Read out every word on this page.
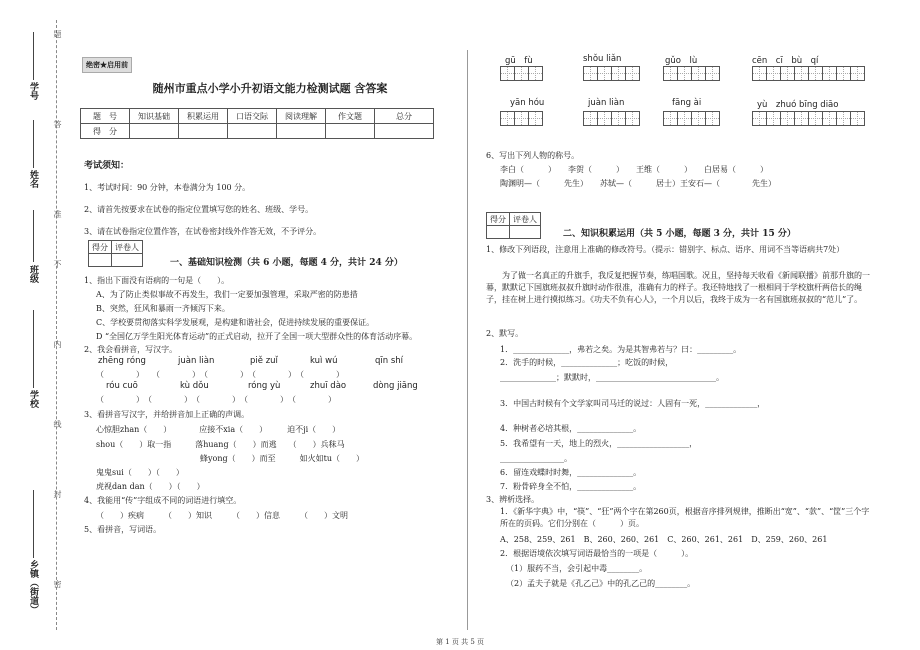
学号
姓名
班级
学校
乡镇（街道）
题
答
准
不
内
线
封
密
绝密★启用前
随州市重点小学小升初语文能力检测试题 含答案
题　号	知识基础	积累运用	口语交际	阅读理解	作文题	总分
得　分						
考试须知：
1、考试时间：90 分钟，本卷满分为 100 分。
2、请首先按要求在试卷的指定位置填写您的姓名、班级、学号。
3、请在试卷指定位置作答，在试卷密封线外作答无效，不予评分。
得分	评卷人

一、基础知识检测（共 6 小题，每题 4 分，共计 24 分）
1、指出下面没有语病的一句是（　　）。
A、为了防止类似事故不再发生，我们一定要加强管理，采取严密的防患措
B、突然，狂风和暴雨一齐倾泻下来。
C、学校要贯彻落实科学发展观，是构建和谐社会，促进持续发展的重要保证。
D “全国亿万学生阳光体育运动”的正式启动，拉开了全国一项大型群众性的体育活动序幕。
2、我会看拼音，写汉字。
zhēng róng	juàn liàn	piě zuǐ	kuì wú	qīn shí
（　　　　）　　（　　　　）　（　　　　）　（　　　　）　（　　　　）
róu cuō	kù dǒu	róng yù	zhuī dào	dòng jiāng
（　　　　）　（　　　　）　（　　　　）　（　　　　）　（　　　　）
3、看拼音写汉字，并给拼音加上正确的声调。
心惊胆zhan（　　）　　　　应接不xia（　　）　　　迫不ji（　　）
shou（　　）取一指　　　落huang（　　）而逃　　（　　）兵秣马
　　　　　　　　　　　　　蜂yong（　　）而至　　　如火如tu（　　）
鬼鬼sui（　　）（　　）
虎视dan dan（　　）（　　）
4、我能用“传”字组成不同的词语进行填空。
（　　）疾病　　　（　　）知识　　　（　　）信息　　　（　　）文明
5、看拼音，写词语。
gū　fù	shǒu liǎn	gǔo　lù	cēn　cī　bù　qí
yān hóu	juàn liàn	fāng ài	yù　zhuó bīng diāo
6、写出下列人物的称号。
李白（　　　）　　李贺（　　　）　　王维（　　　）　　白居易（　　　）
陶渊明—（　　　先生）　　苏轼—（　　　居士）王安石—（　　　　先生）
得分	评卷人

二、知识积累运用（共 5 小题，每题 3 分，共计 15 分）
1、修改下列语段，注意用上准确的修改符号。（提示：错别字、标点、语序、用词不当等语病共7处）
为了做一名真正的升旗手，我反复把握节奏，练唱国歌。况且，坚持每天收看《新闻联播》前那升旗的一幕，默默记下国旗班叔叔升旗时动作很准，准确有力的样子。我还特地找了一根相同于学校旗杆两倍长的绳子，挂在树上进行摸拟练习。《功夫不负有心人》，一个月以后，我终于成为一名有国旗班叔叔的“范儿”了。
2、默写。
1．______________，弗若之矣。为是其智弗若与？曰：_________。
2．洗手的时候，______________；吃饭的时候，
______________；默默时，______________________________。
3．中国古时候有个文学家叫司马迁的说过：人固有一死，_____________，
4．种树者必培其根，______________。
5．我希望有一天，地上的烈火，__________________，
________________。
6．留连戏蝶时时舞，______________。
7．粉骨碎身全不怕，______________。
3、辨析选择。
1．《新华字典》中，“筷”、“狂”两个字在第260页，根据音序排列规律，推断出“宽”、“款”、“筐”三个字所在的页码。它们分别在（　　　）页。
A、258、259、261　B、260、260、261　C、260、261、261　D、259、260、261
2．根据语境依次填写词语最恰当的一项是（　　　）。
（1）服药不当，会引起中毒________。
（2）孟夫子就是《孔乙己》中的孔乙己的________。
第 1 页 共 5 页
